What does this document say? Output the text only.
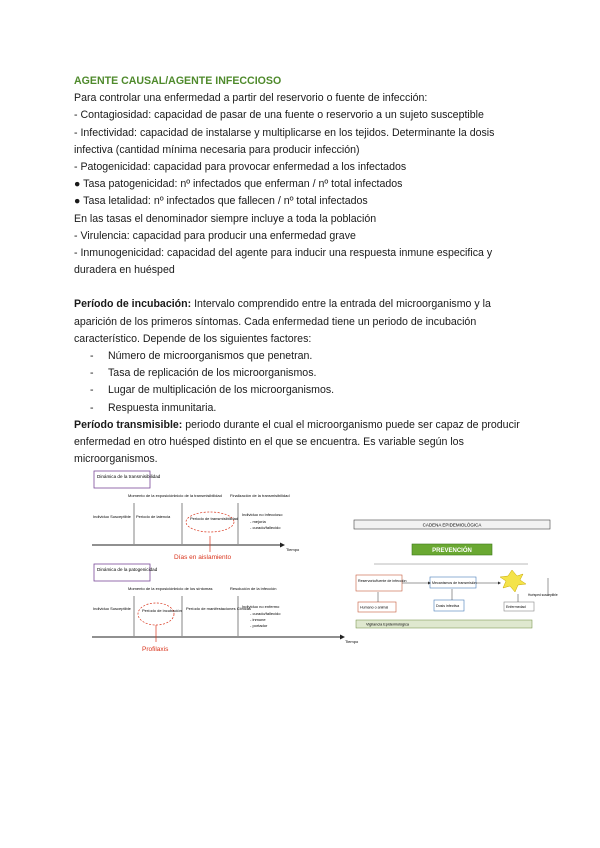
AGENTE CAUSAL/AGENTE INFECCIOSO

Para controlar una enfermedad a partir del reservorio o fuente de infección:

- Contagiosidad: capacidad de pasar de una fuente o reservorio a un sujeto susceptible

- Infectividad: capacidad de instalarse y multiplicarse en los tejidos. Determinante la dosis infectiva (cantidad mínima necesaria para producir infección)

- Patogenicidad: capacidad para provocar enfermedad a los infectados

● Tasa patogenicidad: nº infectados que enferman / nº total infectados

● Tasa letalidad: nº infectados que fallecen / nº total infectados

En las tasas el denominador siempre incluye a toda la población

- Virulencia: capacidad para producir una enfermedad grave

- Inmunogenicidad: capacidad del agente para inducir una respuesta inmune especifica y duradera en huésped

Período de incubación: Intervalo comprendido entre la entrada del microorganismo y la aparición de los primeros síntomas. Cada enfermedad tiene un periodo de incubación característico. Depende de los siguientes factores:

- Número de microorganismos que penetran.
- Tasa de replicación de los microorganismos.
- Lugar de multiplicación de los microorganismos.
- Respuesta inmunitaria.

Período transmisible: periodo durante el cual el microorganismo puede ser capaz de producir enfermedad en otro huésped distinto en el que se encuentra. Es variable según los microorganismos.

Dinámica de la transmisibilidad
Momento de la exposición Inicio de la transmisibilidad Finalización de la transmisibilidad
Individuo Susceptible Periodo de latencia	Periodo de transmisibilidad
Individuo no infeccioso
- mejoría
- curado/fallecido
Tiempo
Días en aislamiento
Dinámica de la patogenicidad
Momento de la exposición Inicio de los síntomas	Resolución de la infección
Individuo Susceptible	Período de incubación Período de manifestaciones Clínicas
Individuo no enfermo
- curado/fallecido
- inmune
- portador
Tiempo
Profilaxis
CADENA EPIDEMIOLÓGICA
PREVENCIÓN
Reservorio/fuente de infección	Mecanismos de transmisión
Huésped susceptible
Humano o animal	Dosis infectiva	Enfermedad
Vigilancia Epidemiológica
